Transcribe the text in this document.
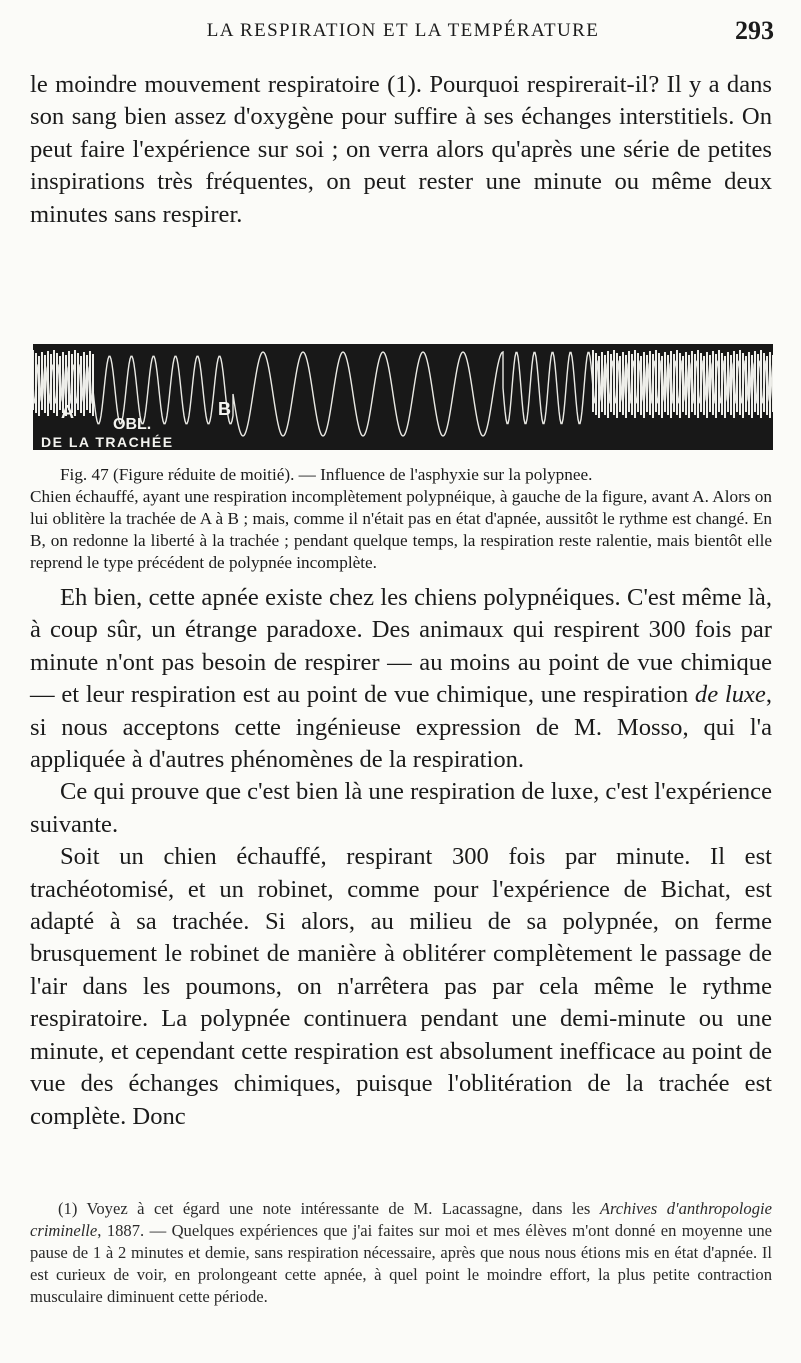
LA RESPIRATION ET LA TEMPÉRATURE	293

le moindre mouvement respiratoire (1). Pourquoi respirerait-il? Il y a dans son sang bien assez d'oxygène pour suffire à ses échanges interstitiels. On peut faire l'expérience sur soi ; on verra alors qu'après une série de petites inspirations très fréquentes, on peut rester une minute ou même deux minutes sans respirer.

A
OBL.
B
DE LA TRACHÉE

Fig. 47 (Figure réduite de moitié). — Influence de l'asphyxie sur la polypnee.

Chien échauffé, ayant une respiration incomplètement polypnéique, à gauche de la figure, avant A. Alors on lui oblitère la trachée de A à B ; mais, comme il n'était pas en état d'apnée, aussitôt le rythme est changé. En B, on redonne la liberté à la trachée ; pendant quelque temps, la respiration reste ralentie, mais bientôt elle reprend le type précédent de polypnée incomplète.

Eh bien, cette apnée existe chez les chiens polypnéiques. C'est même là, à coup sûr, un étrange paradoxe. Des animaux qui respirent 300 fois par minute n'ont pas besoin de respirer — au moins au point de vue chimique — et leur respiration est au point de vue chimique, une respiration de luxe, si nous acceptons cette ingénieuse expression de M. Mosso, qui l'a appliquée à d'autres phénomènes de la respiration.

Ce qui prouve que c'est bien là une respiration de luxe, c'est l'expérience suivante.

Soit un chien échauffé, respirant 300 fois par minute. Il est trachéotomisé, et un robinet, comme pour l'expérience de Bichat, est adapté à sa trachée. Si alors, au milieu de sa polypnée, on ferme brusquement le robinet de manière à oblitérer complètement le passage de l'air dans les poumons, on n'arrêtera pas par cela même le rythme respiratoire. La polypnée continuera pendant une demi-minute ou une minute, et cependant cette respiration est absolument inefficace au point de vue des échanges chimiques, puisque l'oblitération de la trachée est complète. Donc

(1) Voyez à cet égard une note intéressante de M. Lacassagne, dans les Archives d'anthropologie criminelle, 1887. — Quelques expériences que j'ai faites sur moi et mes élèves m'ont donné en moyenne une pause de 1 à 2 minutes et demie, sans respiration nécessaire, après que nous nous étions mis en état d'apnée. Il est curieux de voir, en prolongeant cette apnée, à quel point le moindre effort, la plus petite contraction musculaire diminuent cette période.
